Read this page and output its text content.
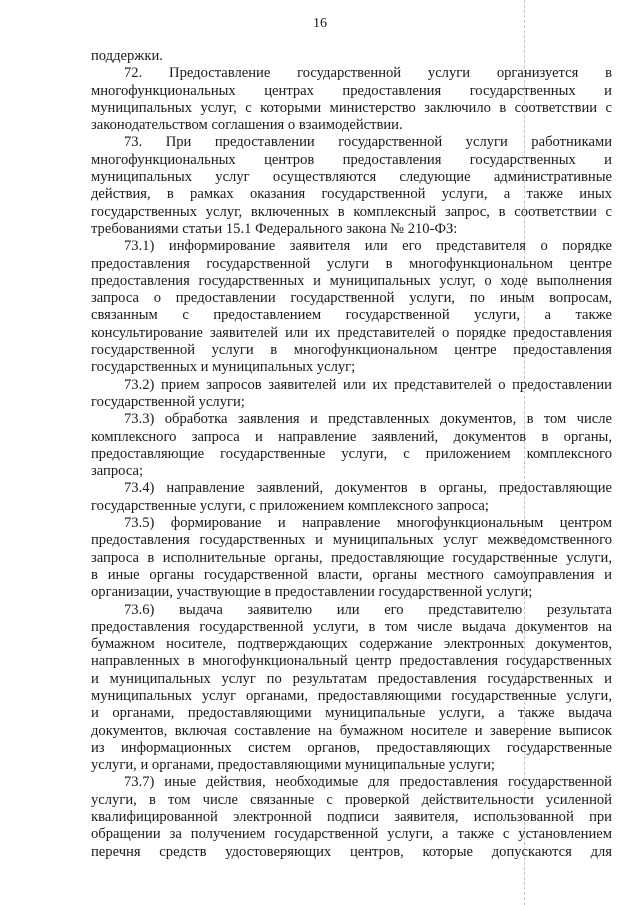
16
поддержки.
72. Предоставление государственной услуги организуется в
многофункциональных центрах предоставления государственных и
муниципальных услуг, с которыми министерство заключило в соответствии с
законодательством соглашения о взаимодействии.
73. При предоставлении государственной услуги работниками
многофункциональных центров предоставления государственных и
муниципальных услуг осуществляются следующие административные
действия, в рамках оказания государственной услуги, а также иных
государственных услуг, включенных в комплексный запрос, в соответствии с
требованиями статьи 15.1 Федерального закона № 210-ФЗ:
73.1) информирование заявителя или его представителя о порядке
предоставления государственной услуги в многофункциональном центре
предоставления государственных и муниципальных услуг, о ходе выполнения
запроса о предоставлении государственной услуги, по иным вопросам,
связанным с предоставлением государственной услуги, а также
консультирование заявителей или их представителей о порядке предоставления
государственной услуги в многофункциональном центре предоставления
государственных и муниципальных услуг;
73.2) прием запросов заявителей или их представителей о предоставлении
государственной услуги;
73.3) обработка заявления и представленных документов, в том числе
комплексного запроса и направление заявлений, документов в органы,
предоставляющие государственные услуги, с приложением комплексного
запроса;
73.4) направление заявлений, документов в органы, предоставляющие
государственные услуги, с приложением комплексного запроса;
73.5) формирование и направление многофункциональным центром
предоставления государственных и муниципальных услуг межведомственного
запроса в исполнительные органы, предоставляющие государственные услуги,
в иные органы государственной власти, органы местного самоуправления и
организации, участвующие в предоставлении государственной услуги;
73.6) выдача заявителю или его представителю результата
предоставления государственной услуги, в том числе выдача документов на
бумажном носителе, подтверждающих содержание электронных документов,
направленных в многофункциональный центр предоставления государственных
и муниципальных услуг по результатам предоставления государственных и
муниципальных услуг органами, предоставляющими государственные услуги,
и органами, предоставляющими муниципальные услуги, а также выдача
документов, включая составление на бумажном носителе и заверение выписок
из информационных систем органов, предоставляющих государственные
услуги, и органами, предоставляющими муниципальные услуги;
73.7) иные действия, необходимые для предоставления государственной
услуги, в том числе связанные с проверкой действительности усиленной
квалифицированной электронной подписи заявителя, использованной при
обращении за получением государственной услуги, а также с установлением
перечня средств удостоверяющих центров, которые допускаются для
